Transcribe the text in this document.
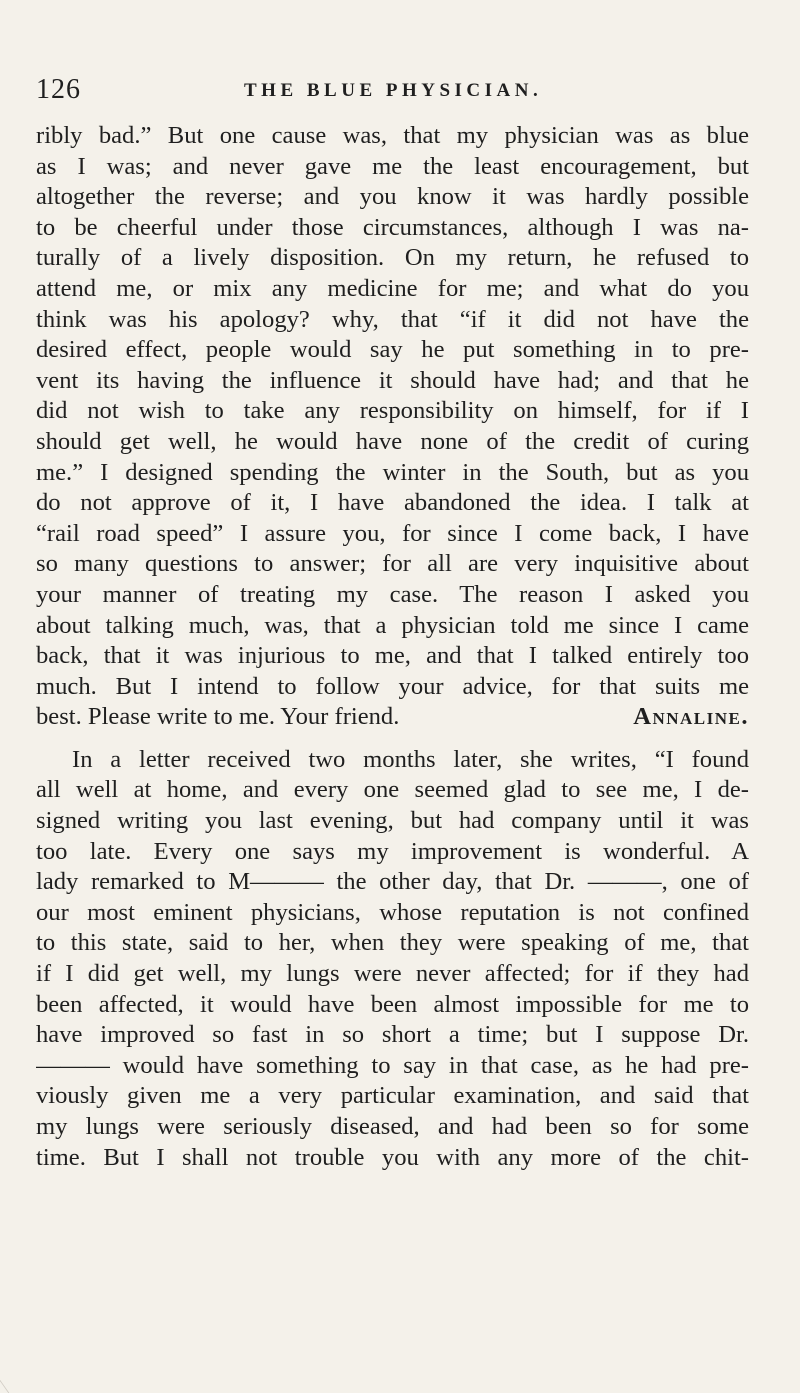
126	THE BLUE PHYSICIAN.
ribly bad.” But one cause was, that my physician was as blue
as I was; and never gave me the least encouragement, but
altogether the reverse; and you know it was hardly possible
to be cheerful under those circumstances, although I was na-
turally of a lively disposition. On my return, he refused to
attend me, or mix any medicine for me; and what do you
think was his apology? why, that “if it did not have the
desired effect, people would say he put something in to pre-
vent its having the influence it should have had; and that he
did not wish to take any responsibility on himself, for if I
should get well, he would have none of the credit of curing
me.” I designed spending the winter in the South, but as you
do not approve of it, I have abandoned the idea. I talk at
“rail road speed” I assure you, for since I come back, I have
so many questions to answer; for all are very inquisitive about
your manner of treating my case. The reason I asked you
about talking much, was, that a physician told me since I came
back, that it was injurious to me, and that I talked entirely too
much. But I intend to follow your advice, for that suits me
best. Please write to me. Your friend.	Annaline.
In a letter received two months later, she writes, “I found
all well at home, and every one seemed glad to see me, I de-
signed writing you last evening, but had company until it was
too late. Every one says my improvement is wonderful. A
lady remarked to M——— the other day, that Dr. ———, one of
our most eminent physicians, whose reputation is not confined
to this state, said to her, when they were speaking of me, that
if I did get well, my lungs were never affected; for if they had
been affected, it would have been almost impossible for me to
have improved so fast in so short a time; but I suppose Dr.
——— would have something to say in that case, as he had pre-
viously given me a very particular examination, and said that
my lungs were seriously diseased, and had been so for some
time. But I shall not trouble you with any more of the chit-
